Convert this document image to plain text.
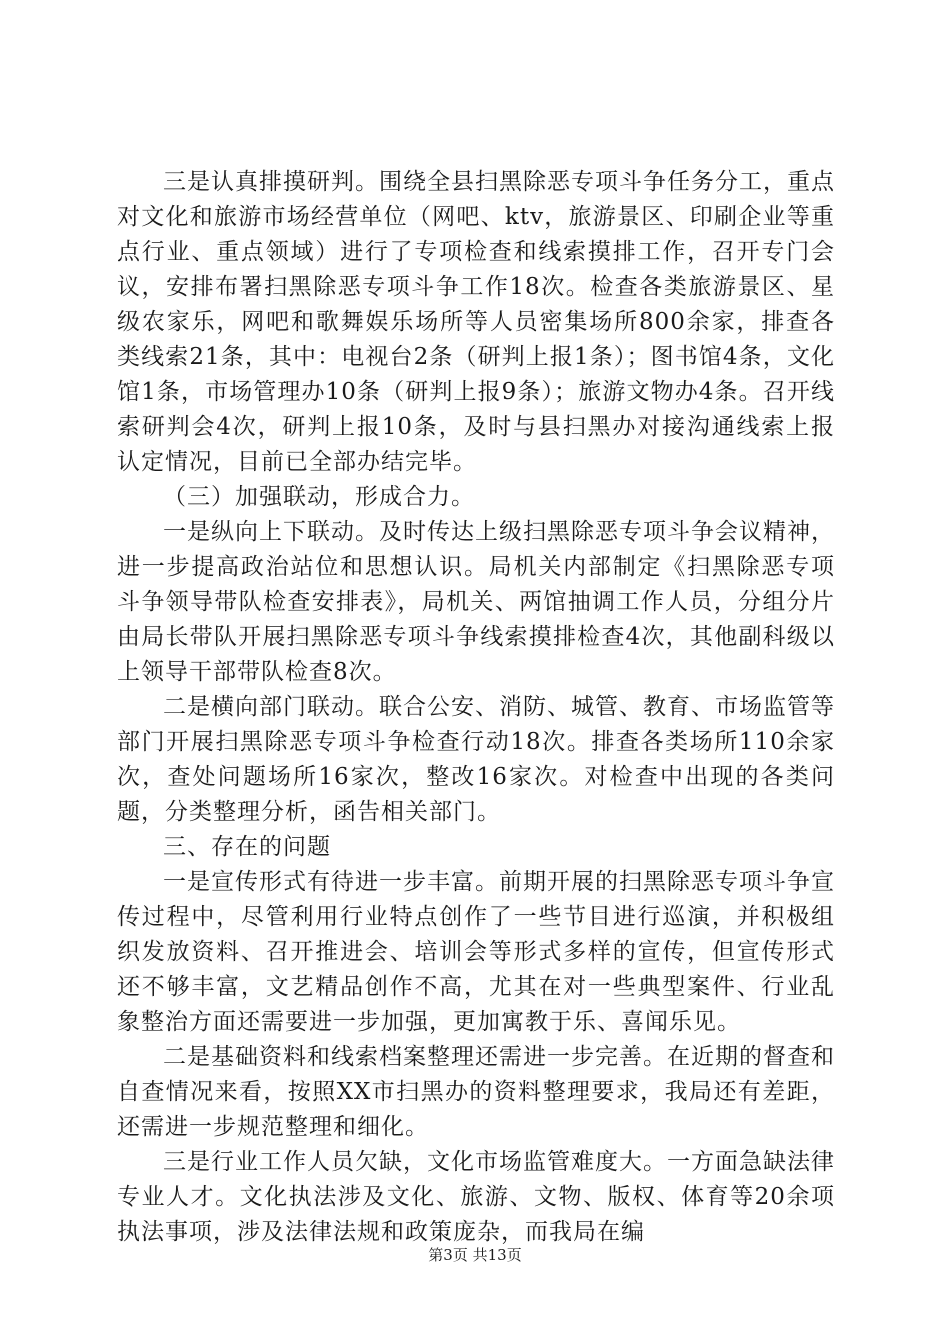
三是认真排摸研判。围绕全县扫黑除恶专项斗争任务分工，重点对文化和旅游市场经营单位（网吧、ktv，旅游景区、印刷企业等重点行业、重点领域）进行了专项检查和线索摸排工作，召开专门会议，安排布署扫黑除恶专项斗争工作18次。检查各类旅游景区、星级农家乐，网吧和歌舞娱乐场所等人员密集场所800余家，排查各类线索21条，其中：电视台2条（研判上报1条）；图书馆4条，文化馆1条，市场管理办10条（研判上报9条）；旅游文物办4条。召开线索研判会4次，研判上报10条，及时与县扫黑办对接沟通线索上报认定情况，目前已全部办结完毕。

（三）加强联动，形成合力。

一是纵向上下联动。及时传达上级扫黑除恶专项斗争会议精神，进一步提高政治站位和思想认识。局机关内部制定《扫黑除恶专项斗争领导带队检查安排表》，局机关、两馆抽调工作人员，分组分片由局长带队开展扫黑除恶专项斗争线索摸排检查4次，其他副科级以上领导干部带队检查8次。

二是横向部门联动。联合公安、消防、城管、教育、市场监管等部门开展扫黑除恶专项斗争检查行动18次。排查各类场所110余家次，查处问题场所16家次，整改16家次。对检查中出现的各类问题，分类整理分析，函告相关部门。

三、存在的问题

一是宣传形式有待进一步丰富。前期开展的扫黑除恶专项斗争宣传过程中，尽管利用行业特点创作了一些节目进行巡演，并积极组织发放资料、召开推进会、培训会等形式多样的宣传，但宣传形式还不够丰富，文艺精品创作不高，尤其在对一些典型案件、行业乱象整治方面还需要进一步加强，更加寓教于乐、喜闻乐见。

二是基础资料和线索档案整理还需进一步完善。在近期的督查和自查情况来看，按照XX市扫黑办的资料整理要求，我局还有差距，还需进一步规范整理和细化。

三是行业工作人员欠缺，文化市场监管难度大。一方面急缺法律专业人才。文化执法涉及文化、旅游、文物、版权、体育等20余项执法事项，涉及法律法规和政策庞杂，而我局在编

第3页 共13页
